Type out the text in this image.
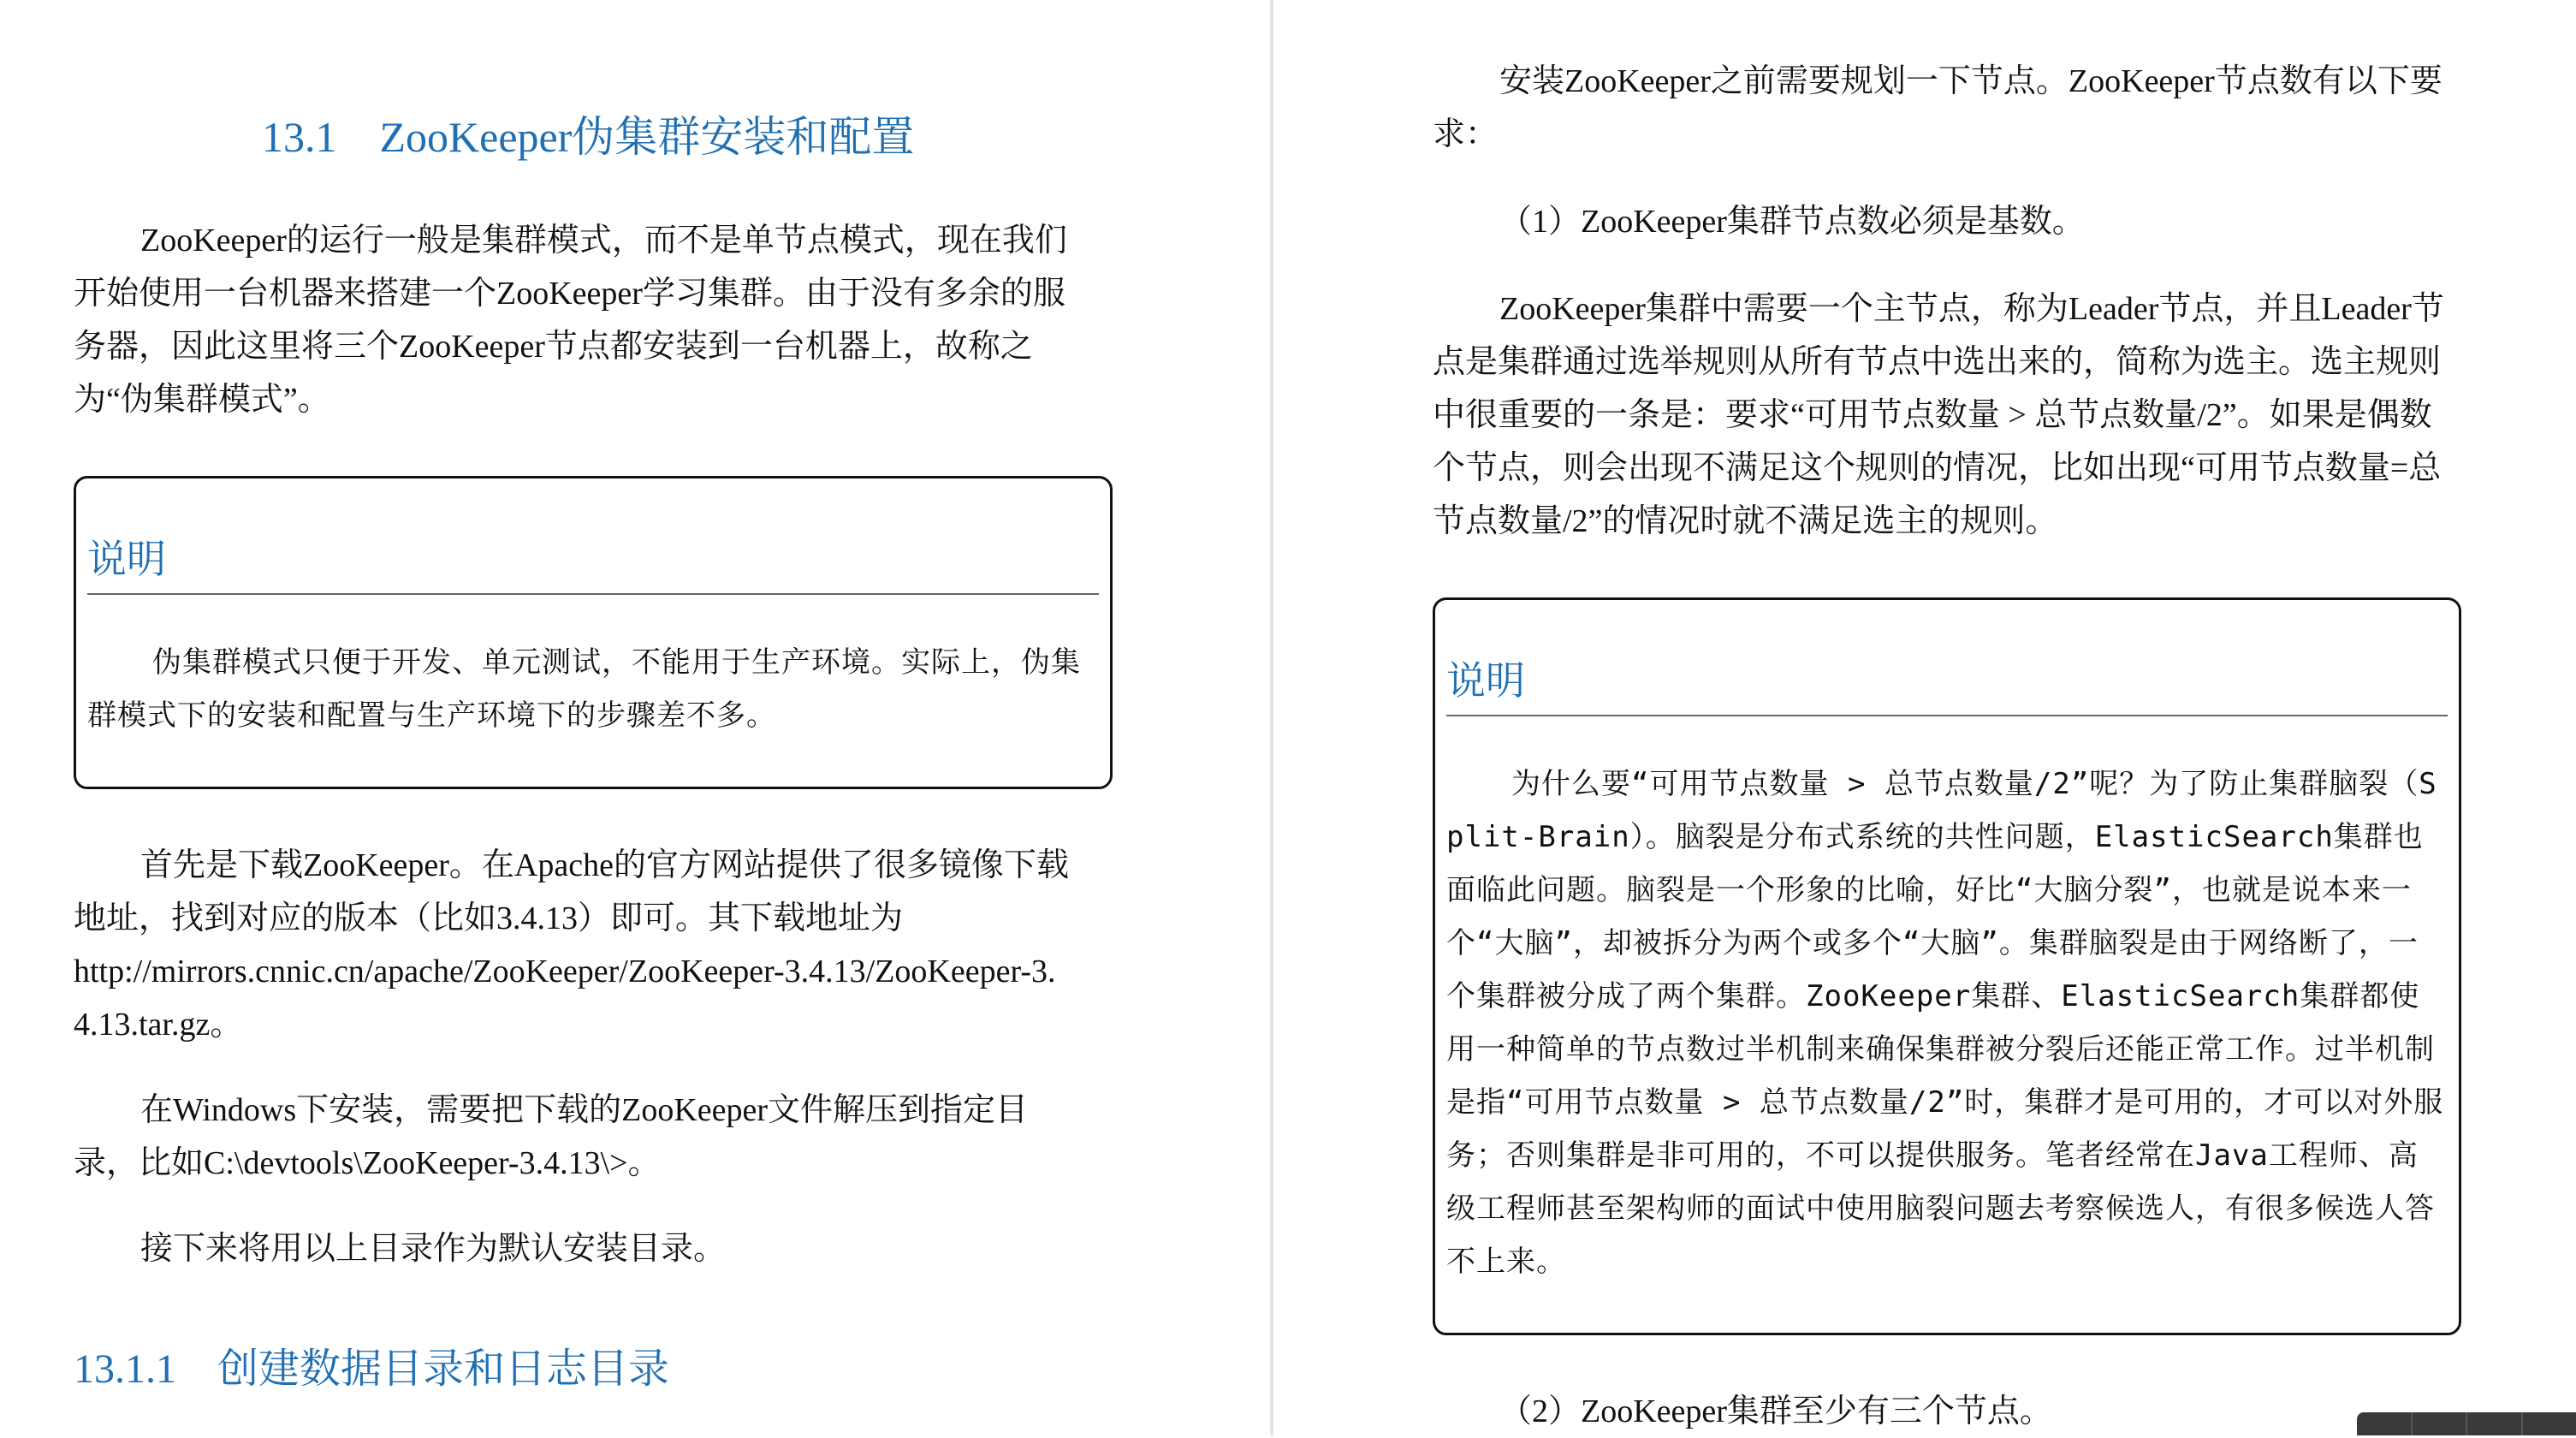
13.1　ZooKeeper伪集群安装和配置

ZooKeeper的运行一般是集群模式，而不是单节点模式，现在我们开始使用一台机器来搭建一个ZooKeeper学习集群。由于没有多余的服务器，因此这里将三个ZooKeeper节点都安装到一台机器上，故称之为“伪集群模式”。

说明

伪集群模式只便于开发、单元测试，不能用于生产环境。实际上，伪集群模式下的安装和配置与生产环境下的步骤差不多。

首先是下载ZooKeeper。在Apache的官方网站提供了很多镜像下载地址，找到对应的版本（比如3.4.13）即可。其下载地址为

http://mirrors.cnnic.cn/apache/ZooKeeper/ZooKeeper-3.4.13/ZooKeeper-3.4.13.tar.gz。

在Windows下安装，需要把下载的ZooKeeper文件解压到指定目录，比如C:\devtools\ZooKeeper-3.4.13\>。

接下来将用以上目录作为默认安装目录。

13.1.1　创建数据目录和日志目录

安装ZooKeeper之前需要规划一下节点。ZooKeeper节点数有以下要求：

（1）ZooKeeper集群节点数必须是基数。

ZooKeeper集群中需要一个主节点，称为Leader节点，并且Leader节点是集群通过选举规则从所有节点中选出来的，简称为选主。选主规则中很重要的一条是：要求“可用节点数量 > 总节点数量/2”。如果是偶数个节点，则会出现不满足这个规则的情况，比如出现“可用节点数量=总节点数量/2”的情况时就不满足选主的规则。

说明

为什么要“可用节点数量 > 总节点数量/2”呢？为了防止集群脑裂（Split-Brain）。脑裂是分布式系统的共性问题，ElasticSearch集群也面临此问题。脑裂是一个形象的比喻，好比“大脑分裂”，也就是说本来一个“大脑”，却被拆分为两个或多个“大脑”。集群脑裂是由于网络断了，一个集群被分成了两个集群。ZooKeeper集群、ElasticSearch集群都使用一种简单的节点数过半机制来确保集群被分裂后还能正常工作。过半机制是指“可用节点数量 > 总节点数量/2”时，集群才是可用的，才可以对外服务；否则集群是非可用的，不可以提供服务。笔者经常在Java工程师、高级工程师甚至架构师的面试中使用脑裂问题去考察候选人，有很多候选人答不上来。

（2）ZooKeeper集群至少有三个节点。
